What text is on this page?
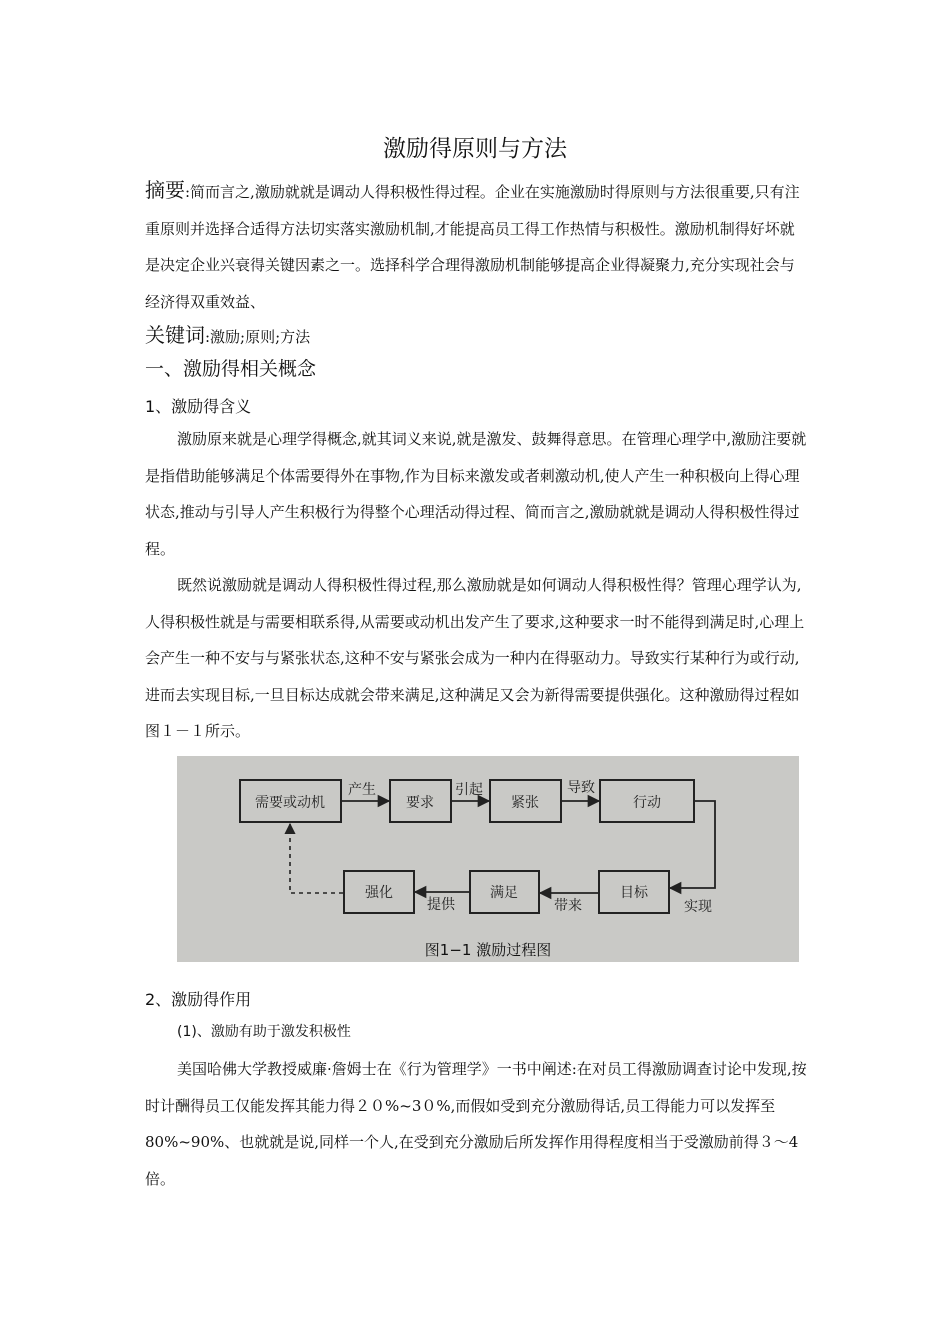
激励得原则与方法

摘要:简而言之,激励就就是调动人得积极性得过程。企业在实施激励时得原则与方法很重要,只有注重原则并选择合适得方法切实落实激励机制,才能提高员工得工作热情与积极性。激励机制得好坏就是决定企业兴衰得关键因素之一。选择科学合理得激励机制能够提高企业得凝聚力,充分实现社会与经济得双重效益、

关键词:激励;原则;方法

一、激励得相关概念
1、激励得含义

激励原来就是心理学得概念,就其词义来说,就是激发、鼓舞得意思。在管理心理学中,激励注要就是指借助能够满足个体需要得外在事物,作为目标来激发或者刺激动机,使人产生一种积极向上得心理状态,推动与引导人产生积极行为得整个心理活动得过程、简而言之,激励就就是调动人得积极性得过程。

既然说激励就是调动人得积极性得过程,那么激励就是如何调动人得积极性得？管理心理学认为,人得积极性就是与需要相联系得,从需要或动机出发产生了要求,这种要求一时不能得到满足时,心理上会产生一种不安与与紧张状态,这种不安与紧张会成为一种内在得驱动力。导致实行某种行为或行动,进而去实现目标,一旦目标达成就会带来满足,这种满足又会为新得需要提供强化。这种激励得过程如图１－１所示。

需要或动机	要求	紧张	行动
目标
满足
强化
产生	引起	导致
实现
带来
提供
图1−1 激励过程图
2、激励得作用
(1)、激励有助于激发积极性

美国哈佛大学教授威廉·詹姆士在《行为管理学》一书中阐述:在对员工得激励调查讨论中发现,按时计酬得员工仅能发挥其能力得２０%~3０%,而假如受到充分激励得话,员工得能力可以发挥至80%~90%、也就就是说,同样一个人,在受到充分激励后所发挥作用得程度相当于受激励前得３～4倍。
